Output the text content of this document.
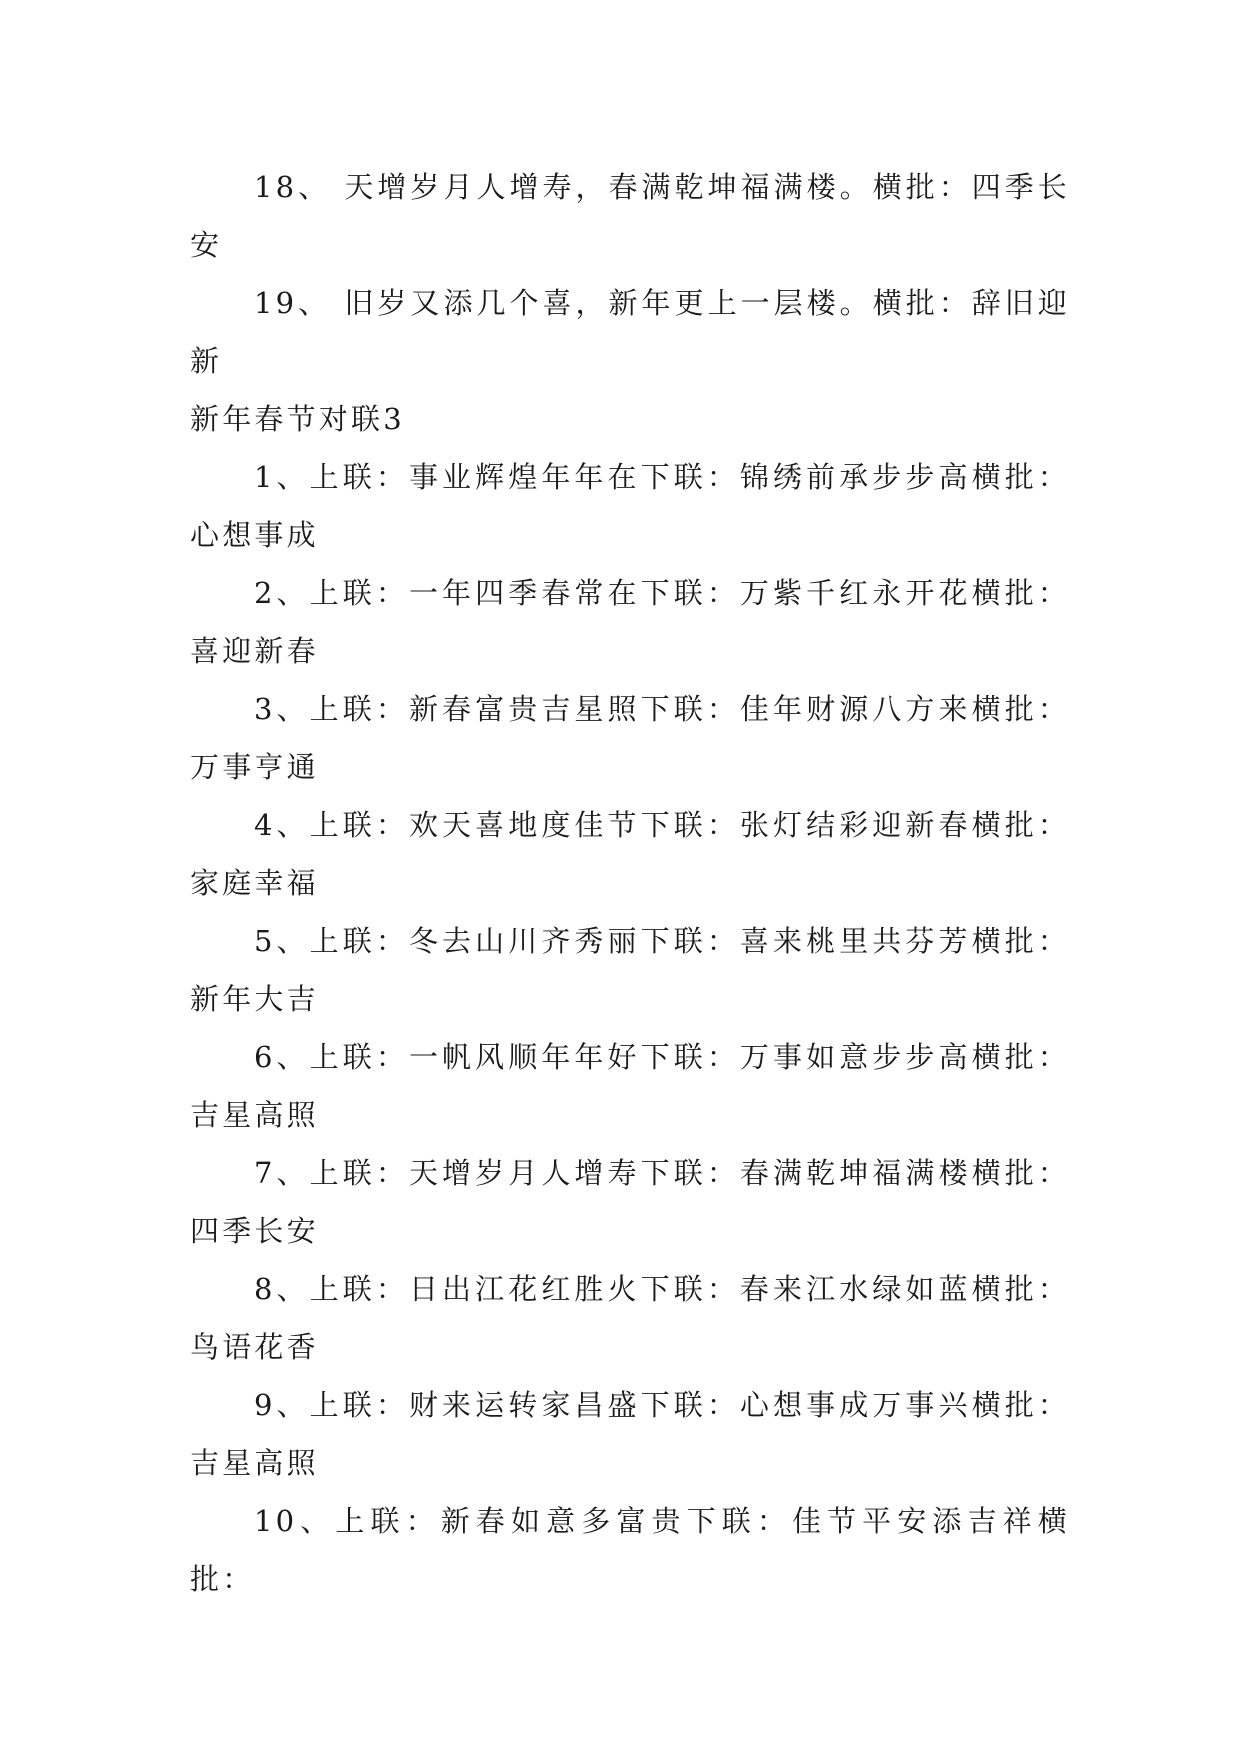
18、 天增岁月人增寿，春满乾坤福满楼。横批：四季长安

19、 旧岁又添几个喜，新年更上一层楼。横批：辞旧迎新

新年春节对联3

1、上联：事业辉煌年年在下联：锦绣前承步步高横批：心想事成

2、上联：一年四季春常在下联：万紫千红永开花横批：喜迎新春

3、上联：新春富贵吉星照下联：佳年财源八方来横批：万事亨通

4、上联：欢天喜地度佳节下联：张灯结彩迎新春横批：家庭幸福

5、上联：冬去山川齐秀丽下联：喜来桃里共芬芳横批：新年大吉

6、上联：一帆风顺年年好下联：万事如意步步高横批：吉星高照

7、上联：天增岁月人增寿下联：春满乾坤福满楼横批：四季长安

8、上联：日出江花红胜火下联：春来江水绿如蓝横批：鸟语花香

9、上联：财来运转家昌盛下联：心想事成万事兴横批：吉星高照

10、上联：新春如意多富贵下联：佳节平安添吉祥横批：
